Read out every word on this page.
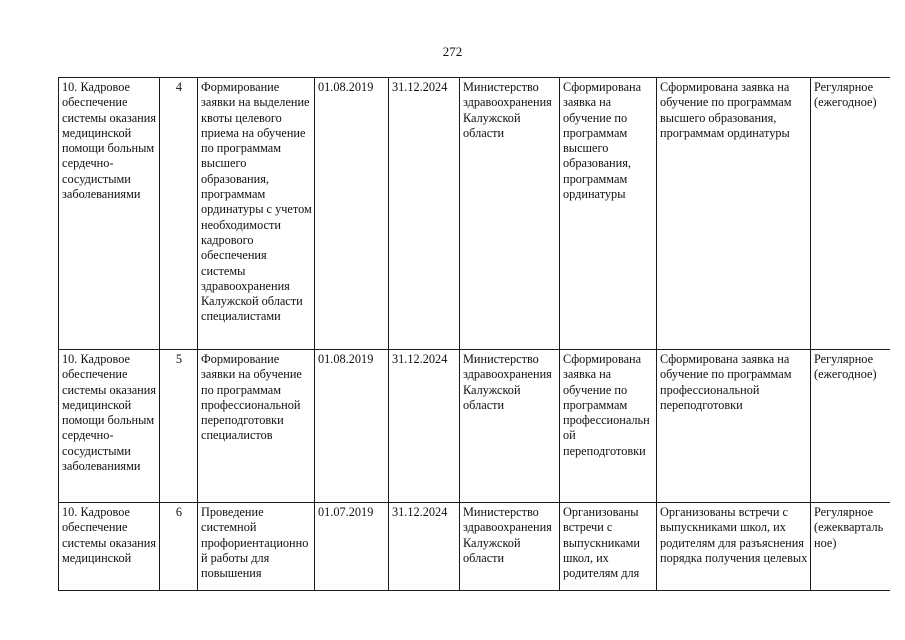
272
10. Кадровое обеспечение системы оказания медицинской помощи больным сердечно-сосудистыми заболеваниями	4	Формирование заявки на выделение квоты целевого приема на обучение по программам высшего образования, программам ординатуры с учетом необходимости кадрового обеспечения системы здравоохранения Калужской области специалистами	01.08.2019	31.12.2024	Министерство здравоохранения Калужской области	Сформирована заявка на обучение по программам высшего образования, программам ординатуры	Сформирована заявка на обучение по программам высшего образования, программам ординатуры	Регулярное (ежегодное)
10. Кадровое обеспечение системы оказания медицинской помощи больным сердечно-сосудистыми заболеваниями	5	Формирование заявки на обучение по программам профессиональной переподготовки специалистов	01.08.2019	31.12.2024	Министерство здравоохранения Калужской области	Сформирована заявка на обучение по программам профессиональной переподготовки	Сформирована заявка на обучение по программам профессиональной переподготовки	Регулярное (ежегодное)
10. Кадровое обеспечение системы оказания медицинской	6	Проведение системной профориентационной работы для повышения	01.07.2019	31.12.2024	Министерство здравоохранения Калужской области	Организованы встречи с выпускниками школ, их родителям для	Организованы встречи с выпускниками школ, их родителям для разъяснения порядка получения целевых	Регулярное (ежеквартальное)
